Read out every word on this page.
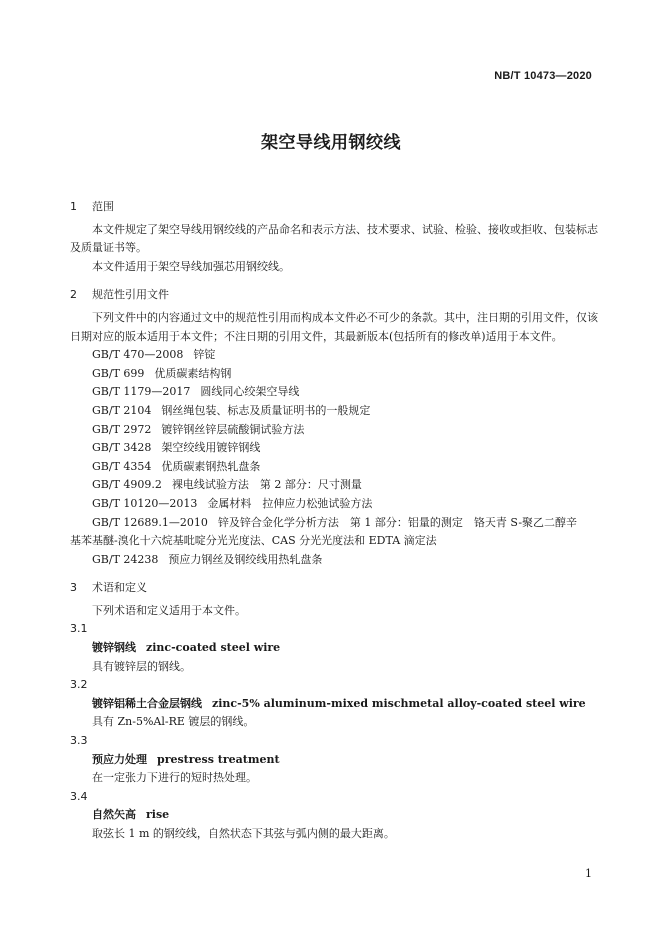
NB/T 10473—2020
架空导线用钢绞线

1 范围

本文件规定了架空导线用钢绞线的产品命名和表示方法、技术要求、试验、检验、接收或拒收、包装标志及质量证书等。

本文件适用于架空导线加强芯用钢绞线。

2 规范性引用文件

下列文件中的内容通过文中的规范性引用而构成本文件必不可少的条款。其中，注日期的引用文件，仅该日期对应的版本适用于本文件；不注日期的引用文件，其最新版本(包括所有的修改单)适用于本文件。

GB/T 470—2008 锌锭

GB/T 699 优质碳素结构钢

GB/T 1179—2017 圆线同心绞架空导线

GB/T 2104 钢丝绳包装、标志及质量证明书的一般规定

GB/T 2972 镀锌钢丝锌层硫酸铜试验方法

GB/T 3428 架空绞线用镀锌钢线

GB/T 4354 优质碳素钢热轧盘条

GB/T 4909.2 裸电线试验方法　第 2 部分：尺寸测量

GB/T 10120—2013 金属材料　拉伸应力松弛试验方法

GB/T 12689.1—2010 锌及锌合金化学分析方法　第 1 部分：铝量的测定　铬天青 S-聚乙二醇辛

基苯基醚-溴化十六烷基吡啶分光光度法、CAS 分光光度法和 EDTA 滴定法

GB/T 24238 预应力钢丝及钢绞线用热轧盘条

3 术语和定义

下列术语和定义适用于本文件。

3.1

镀锌钢线 zinc-coated steel wire

具有镀锌层的钢线。

3.2

镀锌铝稀土合金层钢线 zinc-5% aluminum-mixed mischmetal alloy-coated steel wire

具有 Zn-5%Al-RE 镀层的钢线。

3.3

预应力处理 prestress treatment

在一定张力下进行的短时热处理。

3.4

自然矢高 rise

取弦长 1 m 的钢绞线，自然状态下其弦与弧内侧的最大距离。

1
